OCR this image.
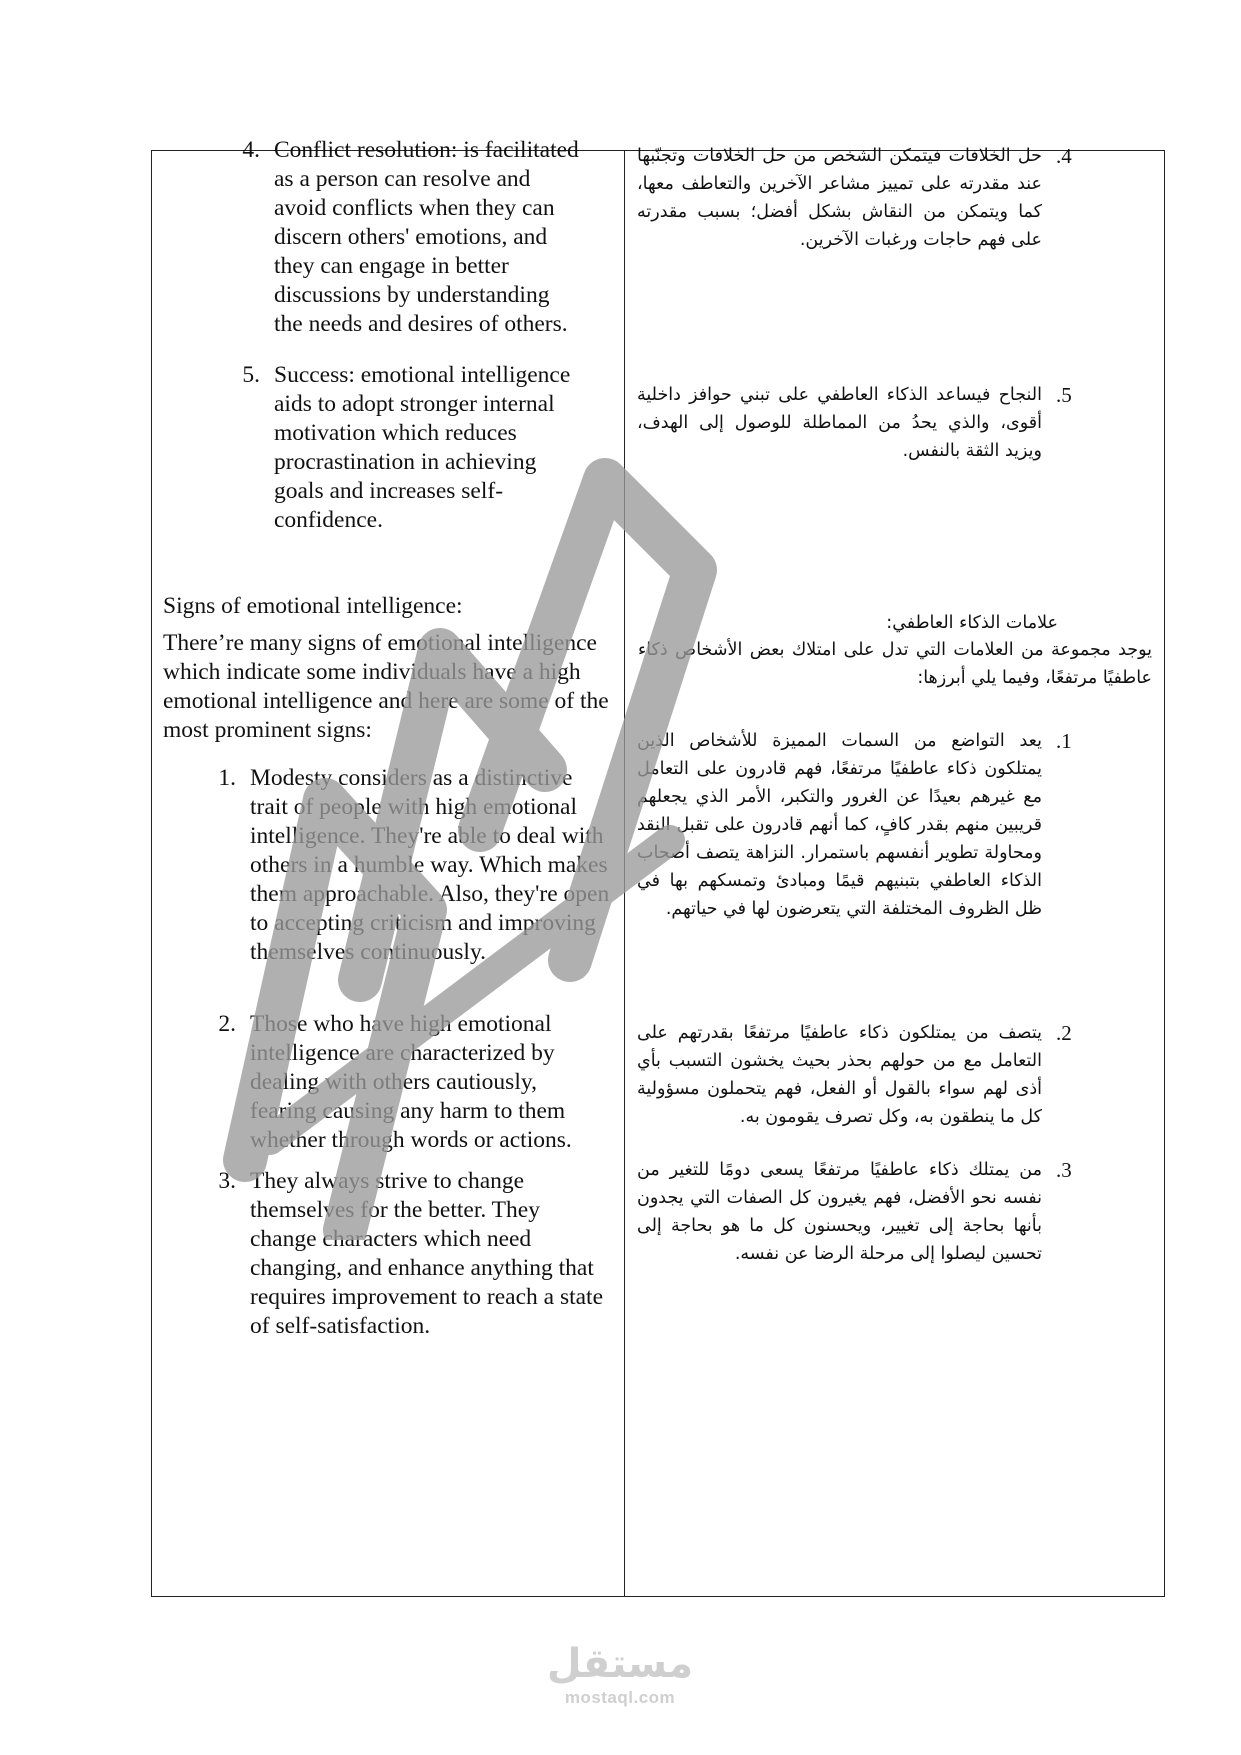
4. Conflict resolution: is facilitated as a person can resolve and avoid conflicts when they can discern others' emotions, and they can engage in better discussions by understanding the needs and desires of others.
5. Success: emotional intelligence aids to adopt stronger internal motivation which reduces procrastination in achieving goals and increases self-confidence.
Signs of emotional intelligence:
There’re many signs of emotional intelligence which indicate some individuals have a high emotional intelligence and here are some of the most prominent signs:
1. Modesty considers as a distinctive trait of people with high emotional intelligence. They're able to deal with others in a humble way. Which makes them approachable. Also, they're open to accepting criticism and improving themselves continuously.
2. Those who have high emotional intelligence are characterized by dealing with others cautiously, fearing causing any harm to them whether through words or actions.
3. They always strive to change themselves for the better. They change characters which need changing, and enhance anything that requires improvement to reach a state of self-satisfaction.
.4
حل الخلافات فيتمكن الشخص من حل الخلافات وتجنّبها عند مقدرته على تمييز مشاعر الآخرين والتعاطف معها، كما ويتمكن من النقاش بشكل أفضل؛ بسبب مقدرته على فهم حاجات ورغبات الآخرين.
.5
النجاح فيساعد الذكاء العاطفي على تبني حوافز داخلية أقوى، والذي يحدُ من المماطلة للوصول إلى الهدف، ويزيد الثقة بالنفس.
علامات الذكاء العاطفي:
يوجد مجموعة من العلامات التي تدل على امتلاك بعض الأشخاص ذكاء عاطفيًا مرتفعًا، وفيما يلي أبرزها:
.1
يعد التواضع من السمات المميزة للأشخاص الذين يمتلكون ذكاء عاطفيًا مرتفعًا، فهم قادرون على التعامل مع غيرهم بعيدًا عن الغرور والتكبر، الأمر الذي يجعلهم قريبين منهم بقدر كافٍ، كما أنهم قادرون على تقبل النقد ومحاولة تطوير أنفسهم باستمرار. النزاهة يتصف أصحاب الذكاء العاطفي بتبنيهم قيمًا ومبادئ وتمسكهم بها في ظل الظروف المختلفة التي يتعرضون لها في حياتهم.
.2
يتصف من يمتلكون ذكاء عاطفيًا مرتفعًا بقدرتهم على التعامل مع من حولهم بحذر بحيث يخشون التسبب بأي أذى لهم سواء بالقول أو الفعل، فهم يتحملون مسؤولية كل ما ينطقون به، وكل تصرف يقومون به.
.3
من يمتلك ذكاء عاطفيًا مرتفعًا يسعى دومًا للتغير من نفسه نحو الأفضل، فهم يغيرون كل الصفات التي يجدون بأنها بحاجة إلى تغيير، ويحسنون كل ما هو بحاجة إلى تحسين ليصلوا إلى مرحلة الرضا عن نفسه.
مستقل
mostaql.com
